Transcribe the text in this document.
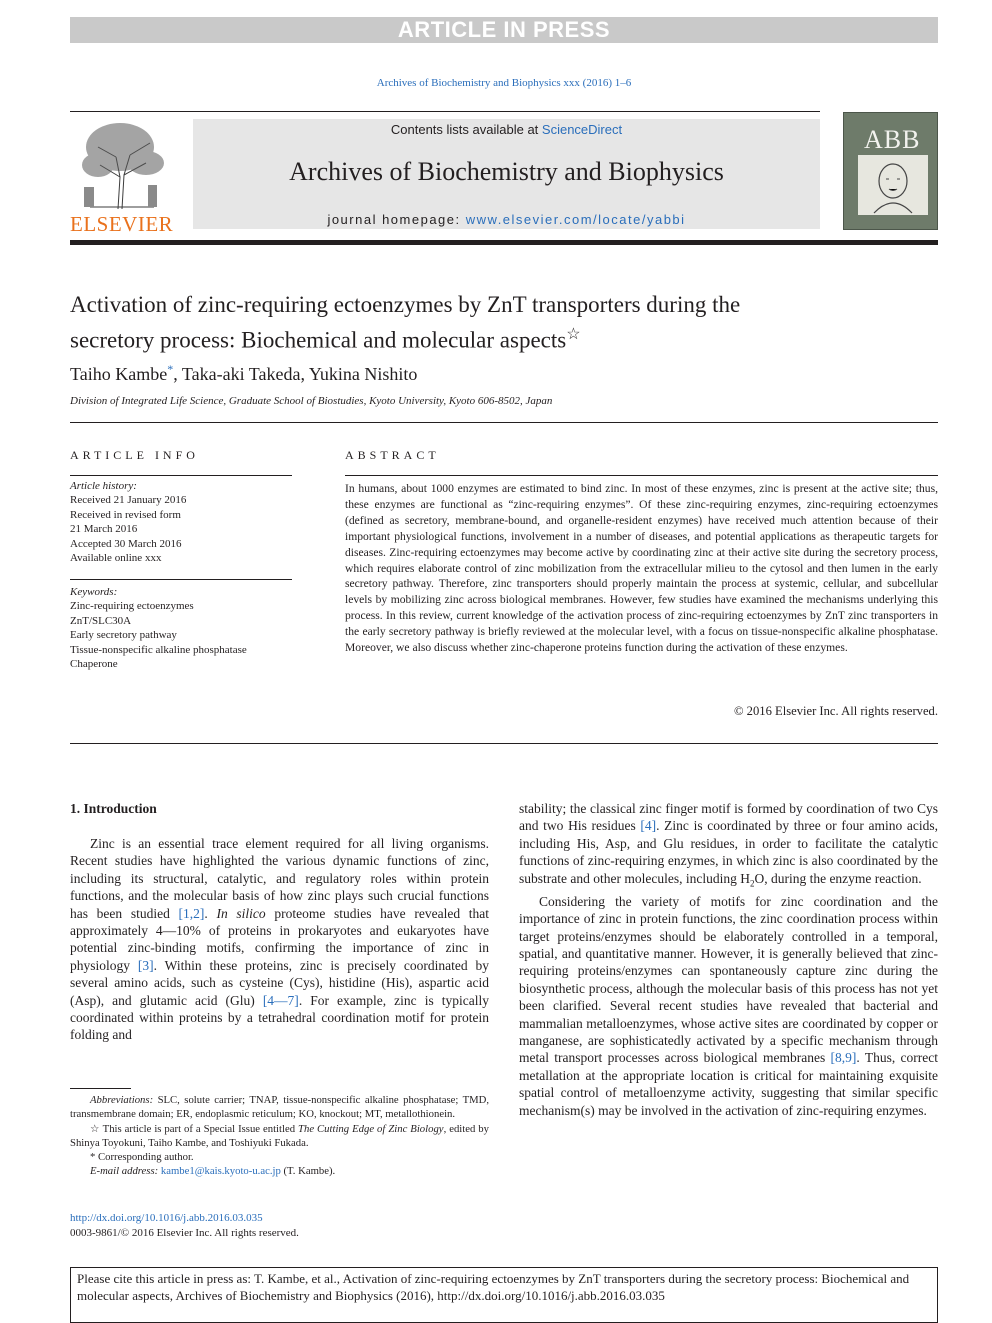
ARTICLE IN PRESS
Archives of Biochemistry and Biophysics xxx (2016) 1–6
ELSEVIER
Contents lists available at ScienceDirect
Archives of Biochemistry and Biophysics
journal homepage: www.elsevier.com/locate/yabbi
ABB
Activation of zinc-requiring ectoenzymes by ZnT transporters during the secretory process: Biochemical and molecular aspects☆
Taiho Kambe*, Taka-aki Takeda, Yukina Nishito
Division of Integrated Life Science, Graduate School of Biostudies, Kyoto University, Kyoto 606-8502, Japan
ARTICLE INFO
Article history:
Received 21 January 2016
Received in revised form
21 March 2016
Accepted 30 March 2016
Available online xxx
Keywords:
Zinc-requiring ectoenzymes
ZnT/SLC30A
Early secretory pathway
Tissue-nonspecific alkaline phosphatase
Chaperone
ABSTRACT
In humans, about 1000 enzymes are estimated to bind zinc. In most of these enzymes, zinc is present at the active site; thus, these enzymes are functional as “zinc-requiring enzymes”. Of these zinc-requiring enzymes, zinc-requiring ectoenzymes (defined as secretory, membrane-bound, and organelle-resident enzymes) have received much attention because of their important physiological functions, involvement in a number of diseases, and potential applications as therapeutic targets for diseases. Zinc-requiring ectoenzymes may become active by coordinating zinc at their active site during the secretory process, which requires elaborate control of zinc mobilization from the extracellular milieu to the cytosol and then lumen in the early secretory pathway. Therefore, zinc transporters should properly maintain the process at systemic, cellular, and subcellular levels by mobilizing zinc across biological membranes. However, few studies have examined the mechanisms underlying this process. In this review, current knowledge of the activation process of zinc-requiring ectoenzymes by ZnT zinc transporters in the early secretory pathway is briefly reviewed at the molecular level, with a focus on tissue-nonspecific alkaline phosphatase. Moreover, we also discuss whether zinc-chaperone proteins function during the activation of these enzymes.
© 2016 Elsevier Inc. All rights reserved.
1. Introduction

Zinc is an essential trace element required for all living organisms. Recent studies have highlighted the various dynamic functions of zinc, including its structural, catalytic, and regulatory roles within protein functions, and the molecular basis of how zinc plays such crucial functions has been studied [1,2]. In silico proteome studies have revealed that approximately 4—10% of proteins in prokaryotes and eukaryotes have potential zinc-binding motifs, confirming the importance of zinc in physiology [3]. Within these proteins, zinc is precisely coordinated by several amino acids, such as cysteine (Cys), histidine (His), aspartic acid (Asp), and glutamic acid (Glu) [4—7]. For example, zinc is typically coordinated within proteins by a tetrahedral coordination motif for protein folding and

stability; the classical zinc finger motif is formed by coordination of two Cys and two His residues [4]. Zinc is coordinated by three or four amino acids, including His, Asp, and Glu residues, in order to facilitate the catalytic functions of zinc-requiring enzymes, in which zinc is also coordinated by the substrate and other molecules, including $H_2O$, during the enzyme reaction.

Considering the variety of motifs for zinc coordination and the importance of zinc in protein functions, the zinc coordination process within target proteins/enzymes should be elaborately controlled in a temporal, spatial, and quantitative manner. However, it is generally believed that zinc-requiring proteins/enzymes can spontaneously capture zinc during the biosynthetic process, although the molecular basis of this process has not yet been clarified. Several recent studies have revealed that bacterial and mammalian metalloenzymes, whose active sites are coordinated by copper or manganese, are sophisticatedly activated by a specific mechanism through metal transport processes across biological membranes [8,9]. Thus, correct metallation at the appropriate location is critical for maintaining exquisite spatial control of metalloenzyme activity, suggesting that similar specific mechanism(s) may be involved in the activation of zinc-requiring enzymes.

Abbreviations: SLC, solute carrier; TNAP, tissue-nonspecific alkaline phosphatase; TMD, transmembrane domain; ER, endoplasmic reticulum; KO, knockout; MT, metallothionein.

☆ This article is part of a Special Issue entitled The Cutting Edge of Zinc Biology, edited by Shinya Toyokuni, Taiho Kambe, and Toshiyuki Fukada.

* Corresponding author.

E-mail address: kambe1@kais.kyoto-u.ac.jp (T. Kambe).

http://dx.doi.org/10.1016/j.abb.2016.03.035
0003-9861/© 2016 Elsevier Inc. All rights reserved.
Please cite this article in press as: T. Kambe, et al., Activation of zinc-requiring ectoenzymes by ZnT transporters during the secretory process: Biochemical and molecular aspects, Archives of Biochemistry and Biophysics (2016), http://dx.doi.org/10.1016/j.abb.2016.03.035
